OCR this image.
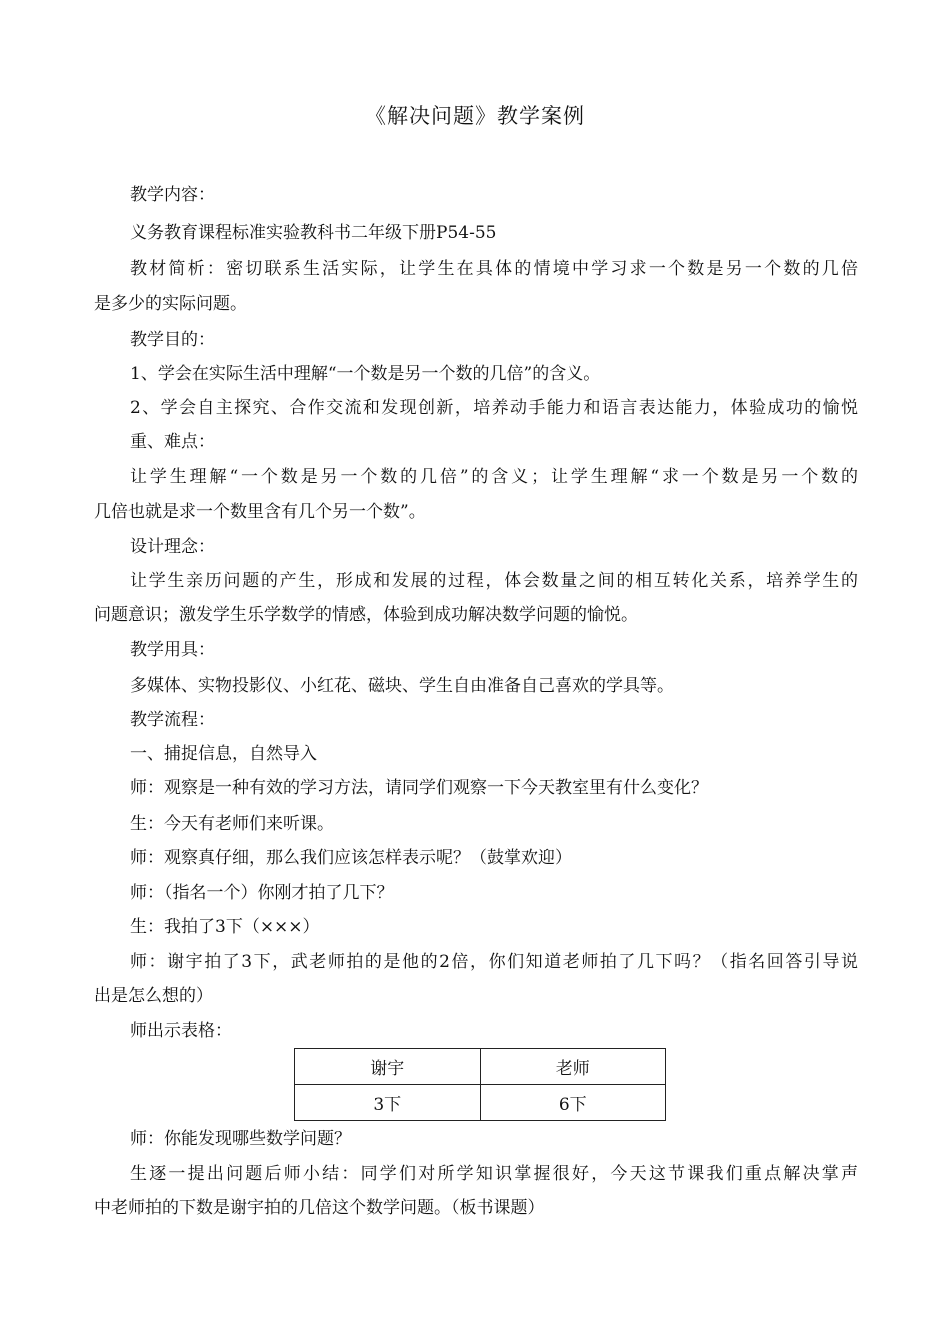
《解决问题》教学案例
教学内容：
义务教育课程标准实验教科书二年级下册P54-55
教材简析：密切联系生活实际，让学生在具体的情境中学习求一个数是另一个数的几倍
是多少的实际问题。
教学目的：
1、学会在实际生活中理解“一个数是另一个数的几倍”的含义。
2、学会自主探究、合作交流和发现创新，培养动手能力和语言表达能力，体验成功的愉悦
重、难点：
让学生理解“一个数是另一个数的几倍”的含义；让学生理解“求一个数是另一个数的
几倍也就是求一个数里含有几个另一个数”。
设计理念：
让学生亲历问题的产生，形成和发展的过程，体会数量之间的相互转化关系，培养学生的
问题意识；激发学生乐学数学的情感，体验到成功解决数学问题的愉悦。
教学用具：
多媒体、实物投影仪、小红花、磁块、学生自由准备自己喜欢的学具等。
教学流程：
一、捕捉信息，自然导入
师：观察是一种有效的学习方法，请同学们观察一下今天教室里有什么变化？
生：今天有老师们来听课。
师：观察真仔细，那么我们应该怎样表示呢？（鼓掌欢迎）
师：（指名一个）你刚才拍了几下？
生：我拍了3下（×××）
师：谢宇拍了3下，武老师拍的是他的2倍，你们知道老师拍了几下吗？（指名回答引导说
出是怎么想的）
师出示表格：
谢宇	老师
3下	6下
师：你能发现哪些数学问题？
生逐一提出问题后师小结：同学们对所学知识掌握很好，今天这节课我们重点解决掌声
中老师拍的下数是谢宇拍的几倍这个数学问题。（板书课题）
